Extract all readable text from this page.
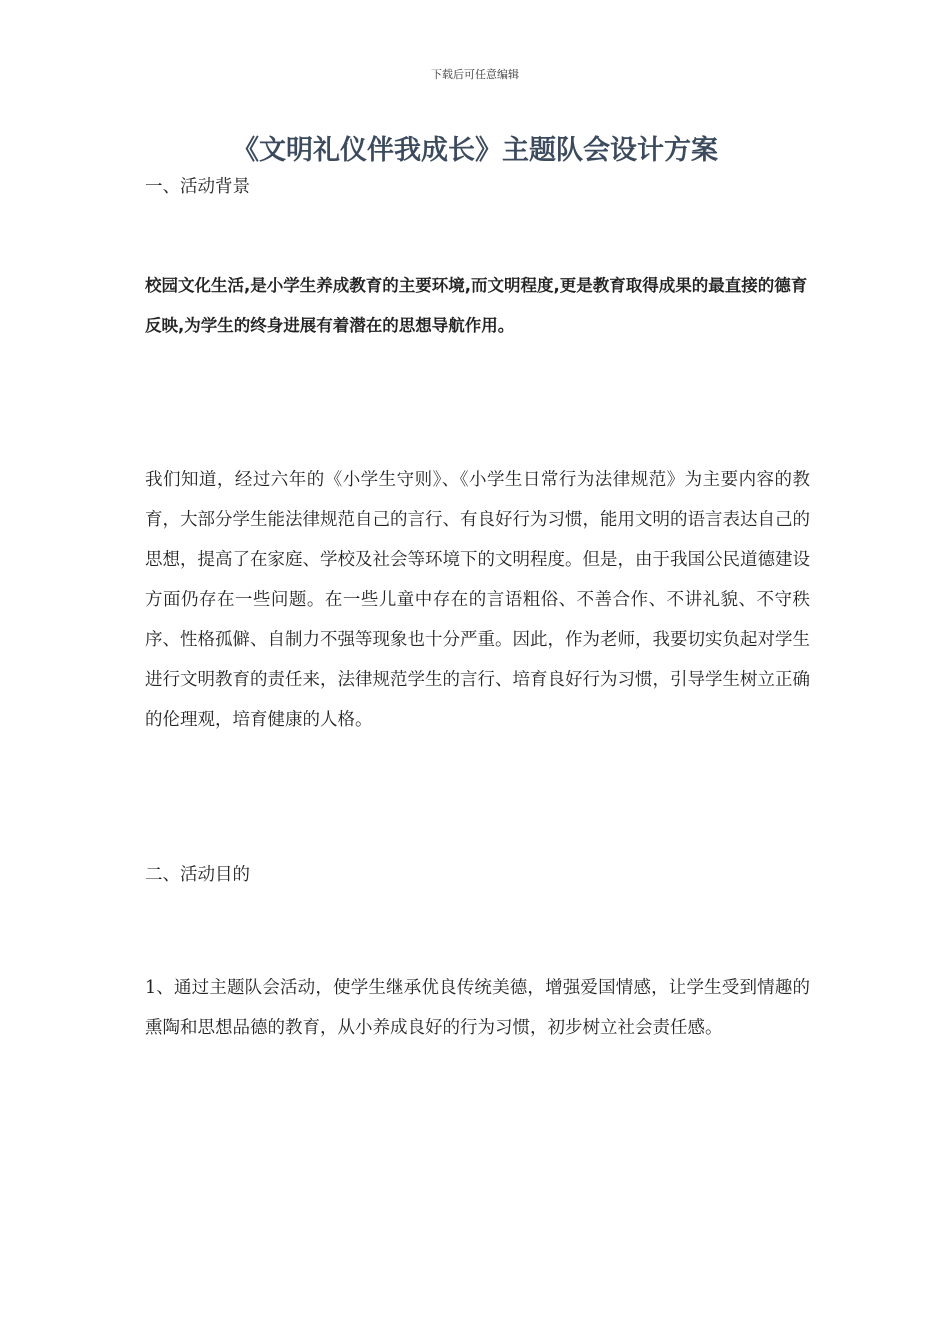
下载后可任意编辑
《文明礼仪伴我成长》主题队会设计方案
一、活动背景

校园文化生活,是小学生养成教育的主要环境,而文明程度,更是教育取得成果的最直接的德育反映,为学生的终身进展有着潜在的思想导航作用。

我们知道，经过六年的《小学生守则》、《小学生日常行为法律规范》为主要内容的教育，大部分学生能法律规范自己的言行、有良好行为习惯，能用文明的语言表达自己的思想，提高了在家庭、学校及社会等环境下的文明程度。但是，由于我国公民道德建设方面仍存在一些问题。在一些儿童中存在的言语粗俗、不善合作、不讲礼貌、不守秩序、性格孤僻、自制力不强等现象也十分严重。因此，作为老师，我要切实负起对学生进行文明教育的责任来，法律规范学生的言行、培育良好行为习惯，引导学生树立正确的伦理观，培育健康的人格。

二、活动目的

1、通过主题队会活动，使学生继承优良传统美德，增强爱国情感，让学生受到情趣的熏陶和思想品德的教育，从小养成良好的行为习惯，初步树立社会责任感。
